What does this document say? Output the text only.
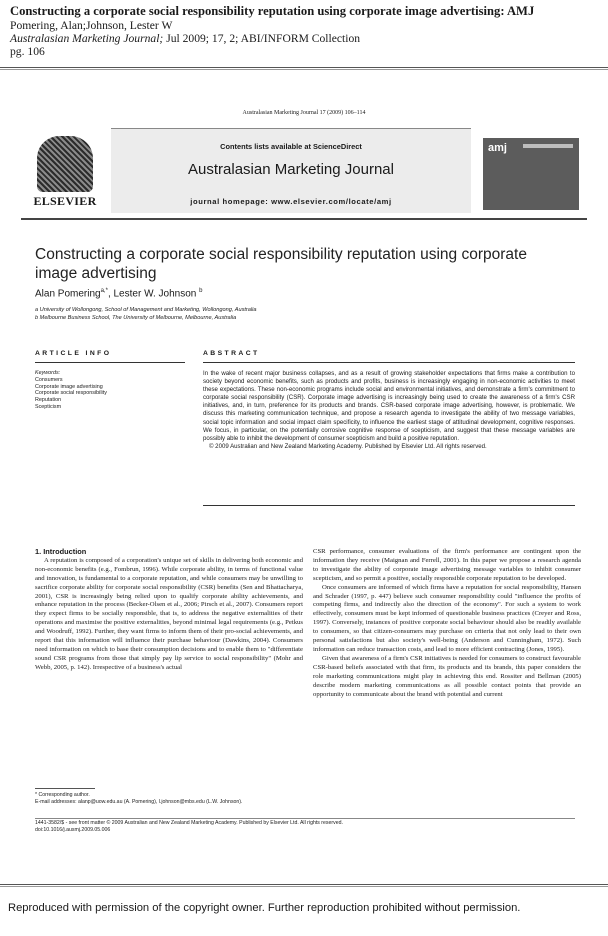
Constructing a corporate social responsibility reputation using corporate image advertising: AMJ
Pomering, Alan;Johnson, Lester W
Australasian Marketing Journal; Jul 2009; 17, 2; ABI/INFORM Collection
pg. 106
Australasian Marketing Journal 17 (2009) 106–114
ELSEVIER
Contents lists available at ScienceDirect
Australasian Marketing Journal
journal homepage: www.elsevier.com/locate/amj
amj
Constructing a corporate social responsibility reputation using corporate image advertising
Alan Pomering$^{a,*}$, Lester W. Johnson $^b$
a University of Wollongong, School of Management and Marketing, Wollongong, Australia
b Melbourne Business School, The University of Melbourne, Melbourne, Australia
ARTICLE INFO	ABSTRACT
Keywords:
Consumers
Corporate image advertising
Corporate social responsibility
Reputation
Scepticism

In the wake of recent major business collapses, and as a result of growing stakeholder expectations that firms make a contribution to society beyond economic benefits, such as products and profits, business is increasingly engaging in non-economic activities to meet these expectations. These non-economic programs include social and environmental initiatives, and demonstrate a firm's commitment to corporate social responsibility (CSR). Corporate image advertising is increasingly being used to create the awareness of a firm's CSR initiatives, and, in turn, preference for its products and brands. CSR-based corporate image advertising, however, is problematic. We discuss this marketing communication technique, and propose a research agenda to investigate the ability of two message variables, social topic information and social impact claim specificity, to influence the earliest stage of attitudinal development, cognitive responses. We focus, in particular, on the potentially corrosive cognitive response of scepticism, and suggest that these message variables are possibly able to inhibit the development of consumer scepticism and build a positive reputation.

© 2009 Australian and New Zealand Marketing Academy. Published by Elsevier Ltd. All rights reserved.

1. Introduction

A reputation is composed of a corporation's unique set of skills in delivering both economic and non-economic benefits (e.g., Fombrun, 1996). While corporate ability, in terms of functional value and innovation, is fundamental to a corporate reputation, and while consumers may be unwilling to sacrifice corporate ability for corporate social responsibility (CSR) benefits (Sen and Bhattacharya, 2001), CSR is increasingly being relied upon to qualify corporate ability achievements, and enhance reputation in the process (Becker-Olsen et al., 2006; Pirsch et al., 2007). Consumers report they expect firms to be socially responsible, that is, to address the negative externalities of their operations and maximise the positive externalities, beyond minimal legal requirements (e.g., Petkus and Woodruff, 1992). Further, they want firms to inform them of their pro-social achievements, and report that this information will influence their purchase behaviour (Dawkins, 2004). Consumers need information on which to base their consumption decisions and to enable them to "differentiate sound CSR programs from those that simply pay lip service to social responsibility" (Mohr and Webb, 2005, p. 142). Irrespective of a business's actual

CSR performance, consumer evaluations of the firm's performance are contingent upon the information they receive (Maignan and Ferrell, 2001). In this paper we propose a research agenda to investigate the ability of corporate image advertising message variables to inhibit consumer scepticism, and so permit a positive, socially responsible corporate reputation to be developed.

Once consumers are informed of which firms have a reputation for social responsibility, Hansen and Schrader (1997, p. 447) believe such consumer responsibility could "influence the profits of competing firms, and indirectly also the direction of the economy". For such a system to work effectively, consumers must be kept informed of questionable business practices (Creyer and Ross, 1997). Conversely, instances of positive corporate social behaviour should also be readily available to consumers, so that citizen-consumers may purchase on criteria that not only lead to their own personal satisfactions but also society's well-being (Anderson and Cunningham, 1972). Such information can reduce transaction costs, and lead to more efficient contracting (Jones, 1995).

Given that awareness of a firm's CSR initiatives is needed for consumers to construct favourable CSR-based beliefs associated with that firm, its products and its brands, this paper considers the role marketing communications might play in achieving this end. Rossiter and Bellman (2005) describe modern marketing communications as all possible contact points that provide an opportunity to communicate about the brand with potential and current

* Corresponding author.
E-mail addresses: alanp@uow.edu.au (A. Pomering), l.johnson@mbs.edu (L.W. Johnson).
1441-3582/$ - see front matter © 2009 Australian and New Zealand Marketing Academy. Published by Elsevier Ltd. All rights reserved.
doi:10.1016/j.ausmj.2009.05.006
Reproduced with permission of the copyright owner. Further reproduction prohibited without permission.
